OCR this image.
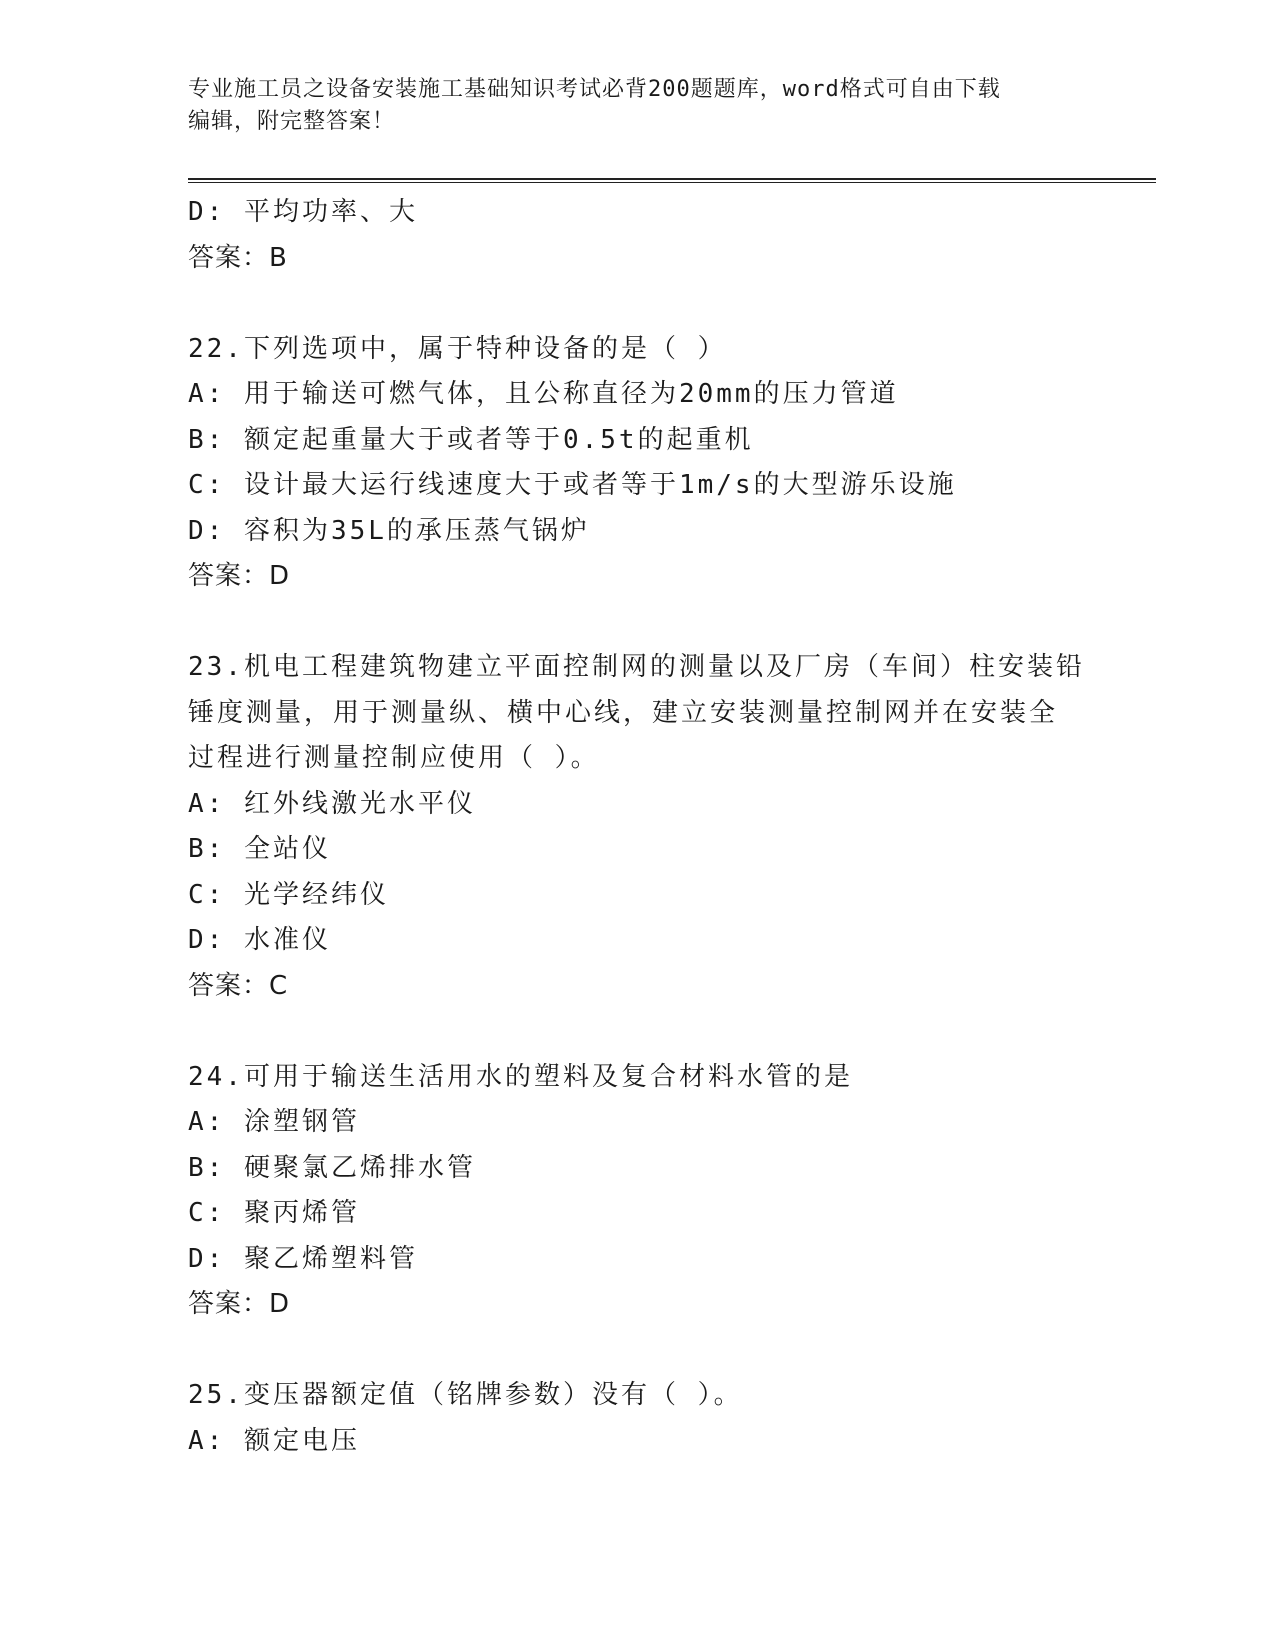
专业施工员之设备安装施工基础知识考试必背200题题库，word格式可自由下载
编辑，附完整答案！
D: 平均功率、大
答案：B
22.下列选项中，属于特种设备的是（ ）
A: 用于输送可燃气体，且公称直径为20mm的压力管道
B: 额定起重量大于或者等于0.5t的起重机
C: 设计最大运行线速度大于或者等于1m/s的大型游乐设施
D: 容积为35L的承压蒸气锅炉
答案：D
23.机电工程建筑物建立平面控制网的测量以及厂房（车间）柱安装铅
锤度测量，用于测量纵、横中心线，建立安装测量控制网并在安装全
过程进行测量控制应使用（ ）。
A: 红外线激光水平仪
B: 全站仪
C: 光学经纬仪
D: 水准仪
答案：C
24.可用于输送生活用水的塑料及复合材料水管的是
A: 涂塑钢管
B: 硬聚氯乙烯排水管
C: 聚丙烯管
D: 聚乙烯塑料管
答案：D
25.变压器额定值（铭牌参数）没有（ ）。
A: 额定电压
